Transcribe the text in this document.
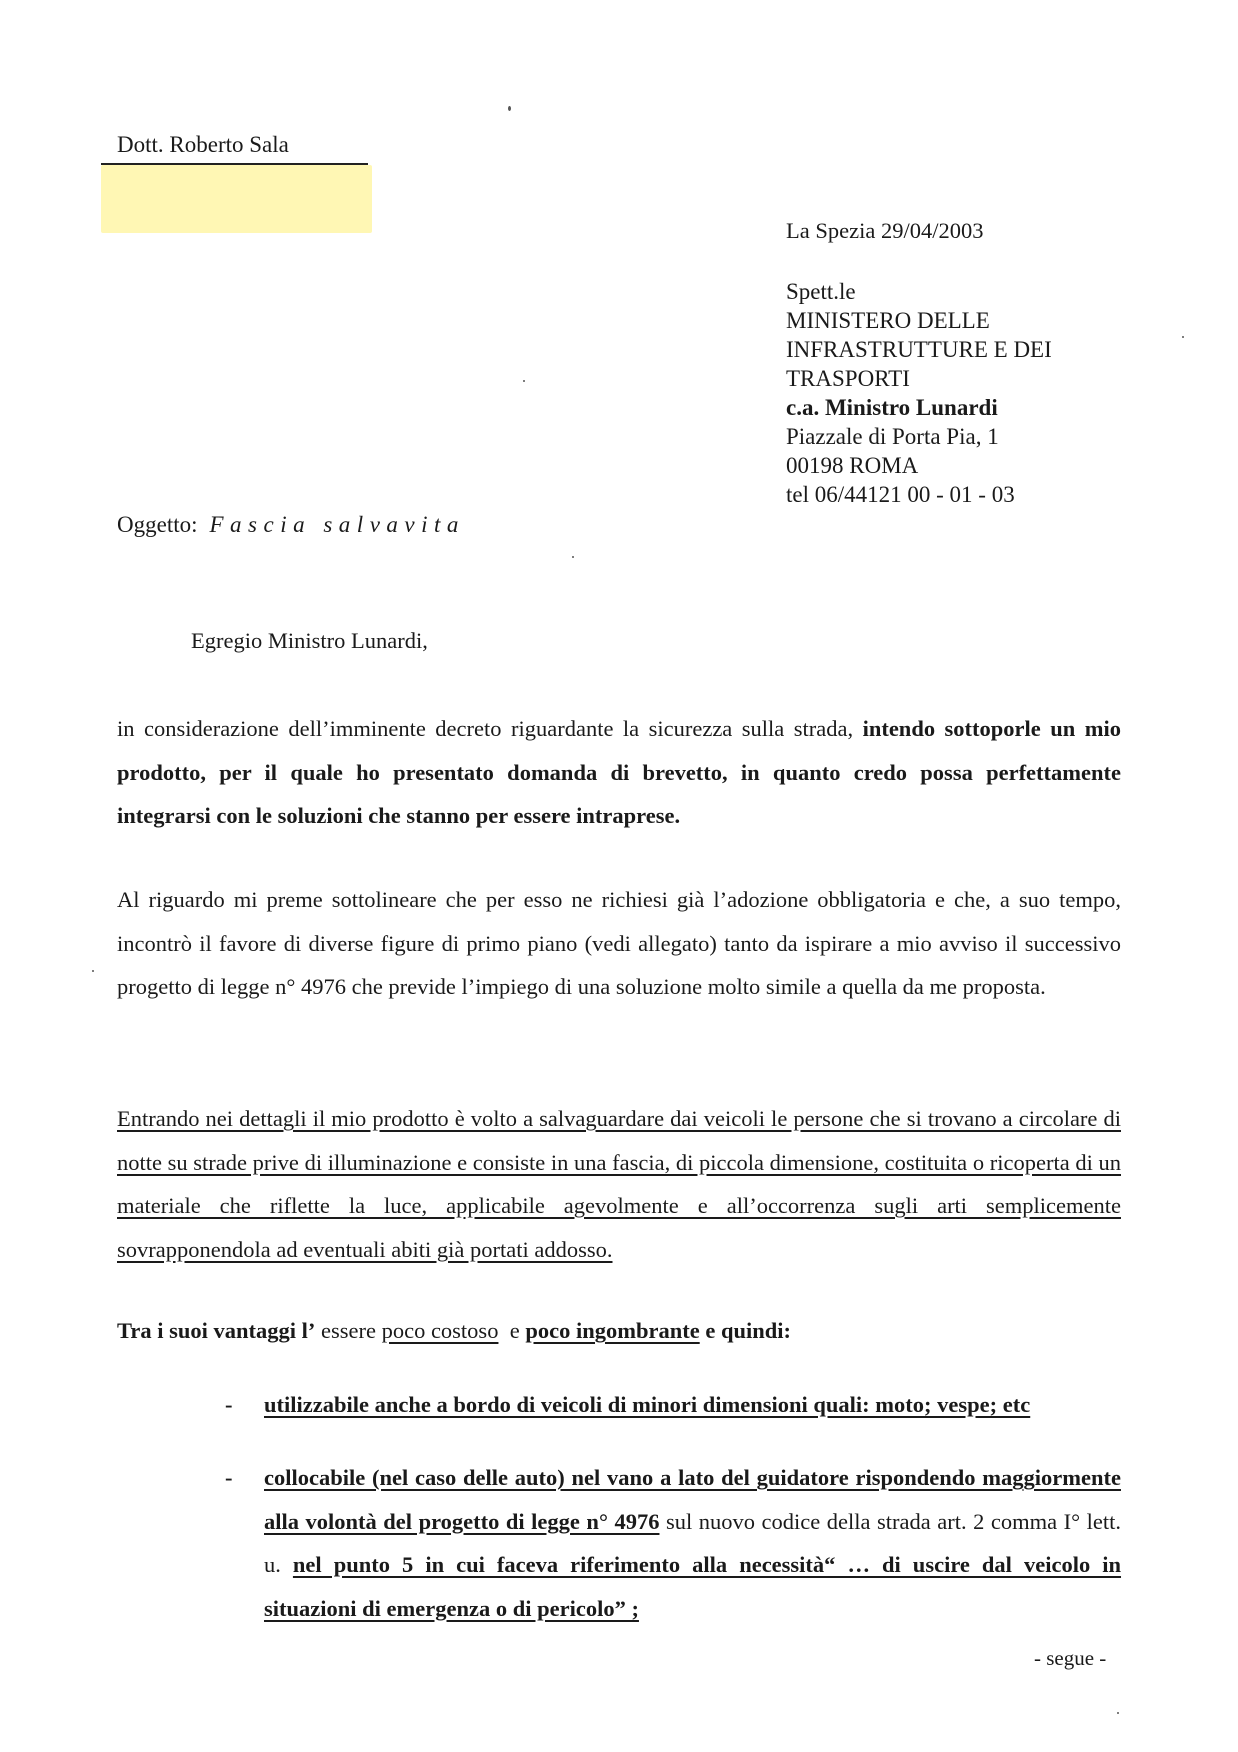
Dott. Roberto Sala
La Spezia 29/04/2003
Spett.le
MINISTERO DELLE
INFRASTRUTTURE E DEI
TRASPORTI
c.a. Ministro Lunardi
Piazzale di Porta Pia, 1
00198 ROMA
tel 06/44121 00 - 01 - 03
Oggetto: Fascia salvavita
Egregio Ministro Lunardi,

in considerazione dell’imminente decreto riguardante la sicurezza sulla strada, intendo sottoporle un mio prodotto, per il quale ho presentato domanda di brevetto, in quanto credo possa perfettamente integrarsi con le soluzioni che stanno per essere intraprese.

Al riguardo mi preme sottolineare che per esso ne richiesi già l’adozione obbligatoria e che, a suo tempo, incontrò il favore di diverse figure di primo piano (vedi allegato) tanto da ispirare a mio avviso il successivo progetto di legge n° 4976 che previde l’impiego di una soluzione molto simile a quella da me proposta.

Entrando nei dettagli il mio prodotto è volto a salvaguardare dai veicoli le persone che si trovano a circolare di notte su strade prive di illuminazione e consiste in una fascia, di piccola dimensione, costituita o ricoperta di un materiale che riflette la luce, applicabile agevolmente e all’occorrenza sugli arti semplicemente sovrapponendola ad eventuali abiti già portati addosso.

Tra i suoi vantaggi l’ essere poco costoso  e poco ingombrante e quindi:
- utilizzabile anche a bordo di veicoli di minori dimensioni quali: moto; vespe; etc
- collocabile (nel caso delle auto) nel vano a lato del guidatore rispondendo maggiormente alla volontà del progetto di legge n° 4976 sul nuovo codice della strada art. 2 comma I° lett. u. nel punto 5 in cui faceva riferimento alla necessità“ … di uscire dal veicolo in situazioni di emergenza o di pericolo” ;
- segue -
